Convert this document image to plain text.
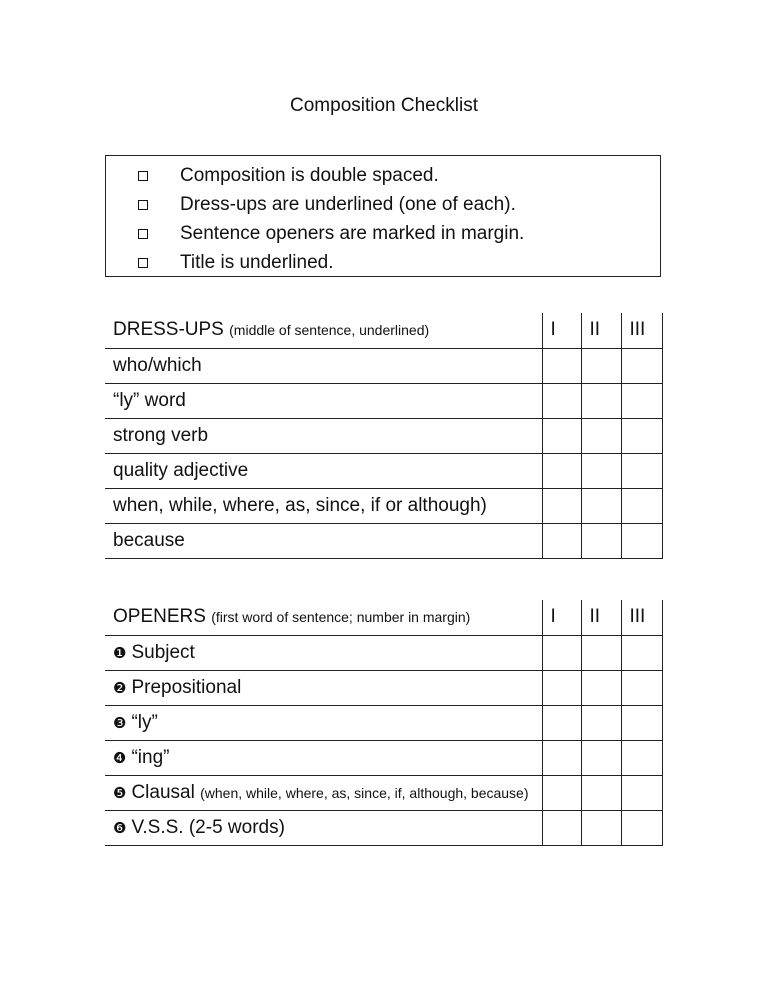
Composition Checklist
Composition is double spaced.
Dress-ups are underlined (one of each).
Sentence openers are marked in margin.
Title is underlined.
DRESS-UPS (middle of sentence, underlined)	I	II	III
who/which			
“ly” word			
strong verb			
quality adjective			
when, while, where, as, since, if or although)			
because			
OPENERS (first word of sentence; number in margin)	I	II	III
❶ Subject			
❷ Prepositional			
❸ “ly”			
❹ “ing”			
❺ Clausal (when, while, where, as, since, if, although, because)			
❻ V.S.S. (2-5 words)			
